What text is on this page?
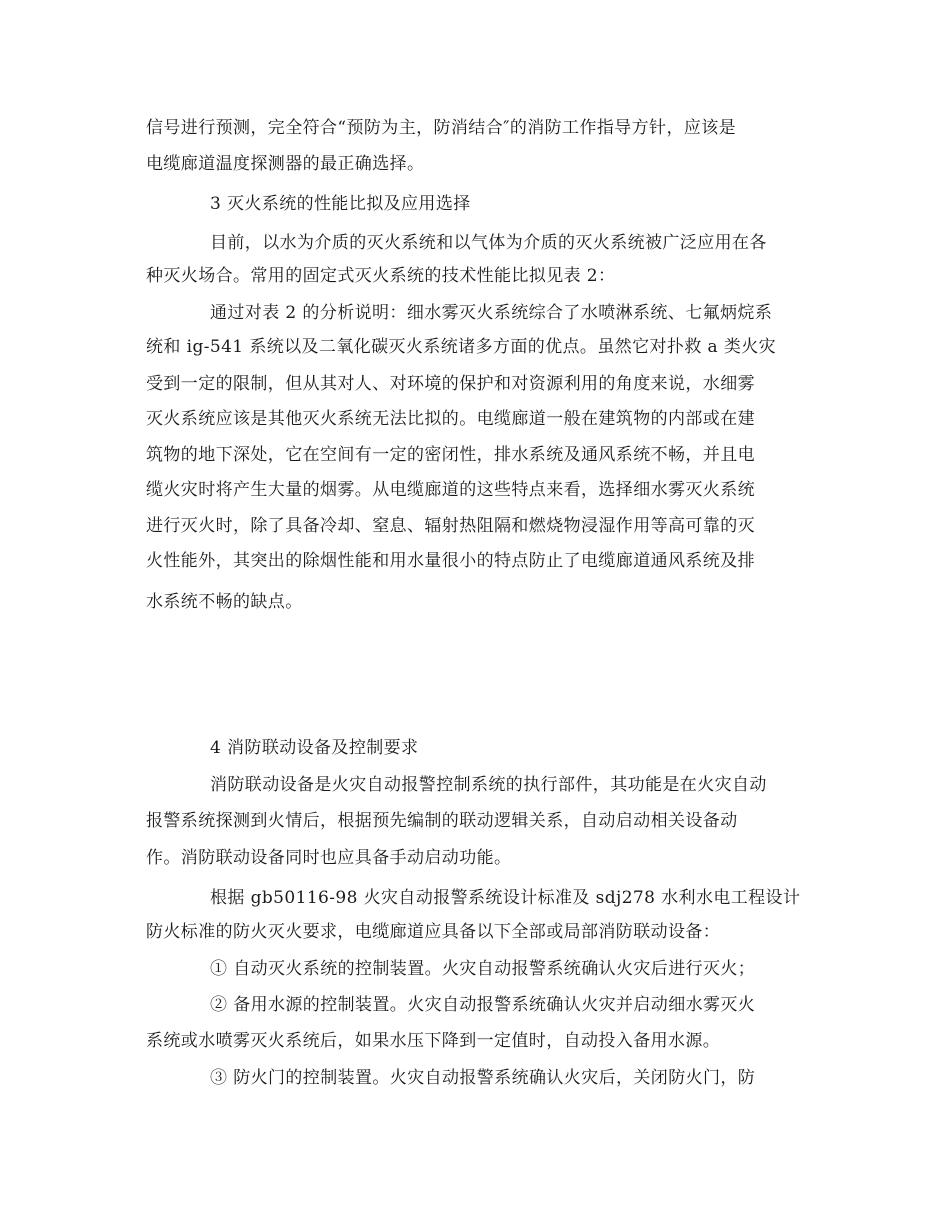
信号进行预测，完全符合“预防为主，防消结合″的消防工作指导方针，应该是
电缆廊道温度探测器的最正确选择。
3 灭火系统的性能比拟及应用选择
目前，以水为介质的灭火系统和以气体为介质的灭火系统被广泛应用在各
种灭火场合。常用的固定式灭火系统的技术性能比拟见表 2：
通过对表 2 的分析说明：细水雾灭火系统综合了水喷淋系统、七氟炳烷系
统和 ig-541 系统以及二氧化碳灭火系统诸多方面的优点。虽然它对扑救 a 类火灾
受到一定的限制，但从其对人、对环境的保护和对资源利用的角度来说，水细雾
灭火系统应该是其他灭火系统无法比拟的。电缆廊道一般在建筑物的内部或在建
筑物的地下深处，它在空间有一定的密闭性，排水系统及通风系统不畅，并且电
缆火灾时将产生大量的烟雾。从电缆廊道的这些特点来看，选择细水雾灭火系统
进行灭火时，除了具备冷却、窒息、辐射热阻隔和燃烧物浸湿作用等高可靠的灭
火性能外，其突出的除烟性能和用水量很小的特点防止了电缆廊道通风系统及排
水系统不畅的缺点。
4 消防联动设备及控制要求
消防联动设备是火灾自动报警控制系统的执行部件，其功能是在火灾自动
报警系统探测到火情后，根据预先编制的联动逻辑关系，自动启动相关设备动
作。消防联动设备同时也应具备手动启动功能。
根据 gb50116-98 火灾自动报警系统设计标准及 sdj278 水利水电工程设计
防火标准的防火灭火要求，电缆廊道应具备以下全部或局部消防联动设备：
① 自动灭火系统的控制装置。火灾自动报警系统确认火灾后进行灭火；
② 备用水源的控制装置。火灾自动报警系统确认火灾并启动细水雾灭火
系统或水喷雾灭火系统后，如果水压下降到一定值时，自动投入备用水源。
③ 防火门的控制装置。火灾自动报警系统确认火灾后，关闭防火门，防
